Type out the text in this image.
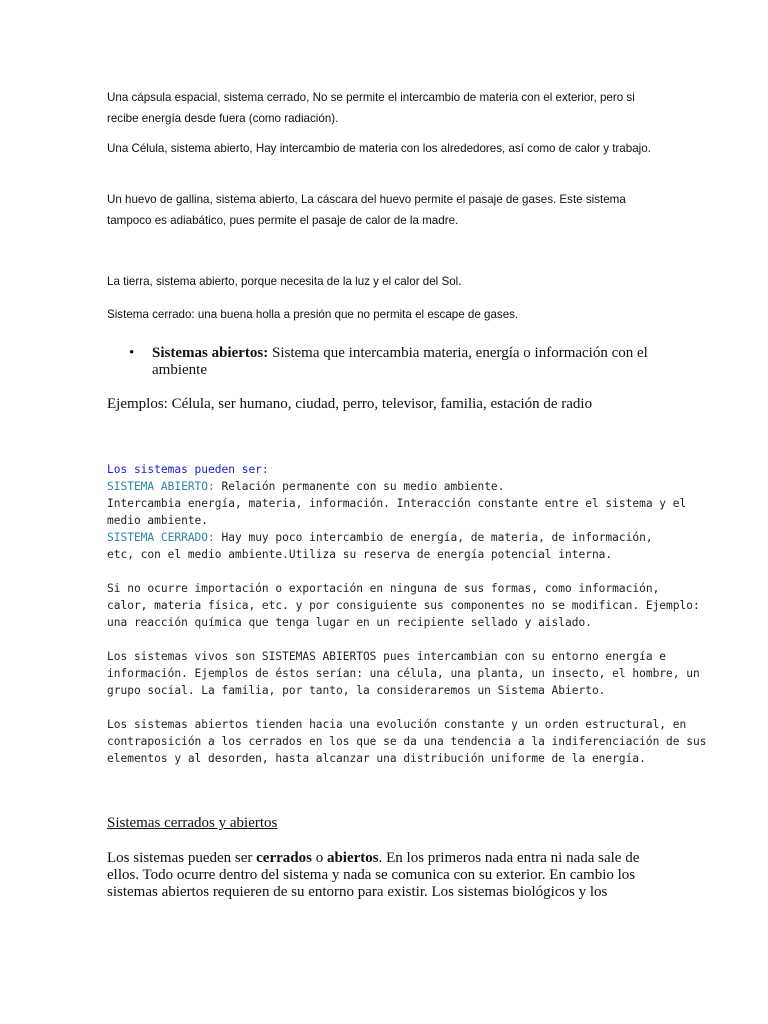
Una cápsula espacial, sistema cerrado, No se permite el intercambio de materia con el exterior, pero si recibe energía desde fuera (como radiación).
Una Célula, sistema abierto, Hay intercambio de materia con los alrededores, así como de calor y trabajo.
Un huevo de gallina, sistema abierto, La cáscara del huevo permite el pasaje de gases. Este sistema tampoco es adiabático, pues permite el pasaje de calor de la madre.
La tierra, sistema abierto, porque necesita de la luz y el calor del Sol.
Sistema cerrado: una buena holla a presión que no permita el escape de gases.
•	Sistemas abiertos: Sistema que intercambia materia, energía o información con el ambiente
Ejemplos: Célula, ser humano, ciudad, perro, televisor, familia, estación de radio
Los sistemas pueden ser:
SISTEMA ABIERTO: Relación permanente con su medio ambiente.
Intercambia energía, materia, información. Interacción constante entre el sistema y el
medio ambiente.
SISTEMA CERRADO: Hay muy poco intercambio de energía, de materia, de información,
etc, con el medio ambiente.Utiliza su reserva de energía potencial interna.
Si no ocurre importación o exportación en ninguna de sus formas, como información,
calor, materia física, etc. y por consiguiente sus componentes no se modifican. Ejemplo:
una reacción química que tenga lugar en un recipiente sellado y aislado.
Los sistemas vivos son SISTEMAS ABIERTOS pues intercambian con su entorno energía e
información. Ejemplos de éstos serían: una célula, una planta, un insecto, el hombre, un
grupo social. La familia, por tanto, la consideraremos un Sistema Abierto.
Los sistemas abiertos tienden hacia una evolución constante y un orden estructural, en
contraposición a los cerrados en los que se da una tendencia a la indiferenciación de sus
elementos y al desorden, hasta alcanzar una distribución uniforme de la energía.
Sistemas cerrados y abiertos
Los sistemas pueden ser cerrados o abiertos. En los primeros nada entra ni nada sale de ellos. Todo ocurre dentro del sistema y nada se comunica con su exterior. En cambio los sistemas abiertos requieren de su entorno para existir. Los sistemas biológicos y los
